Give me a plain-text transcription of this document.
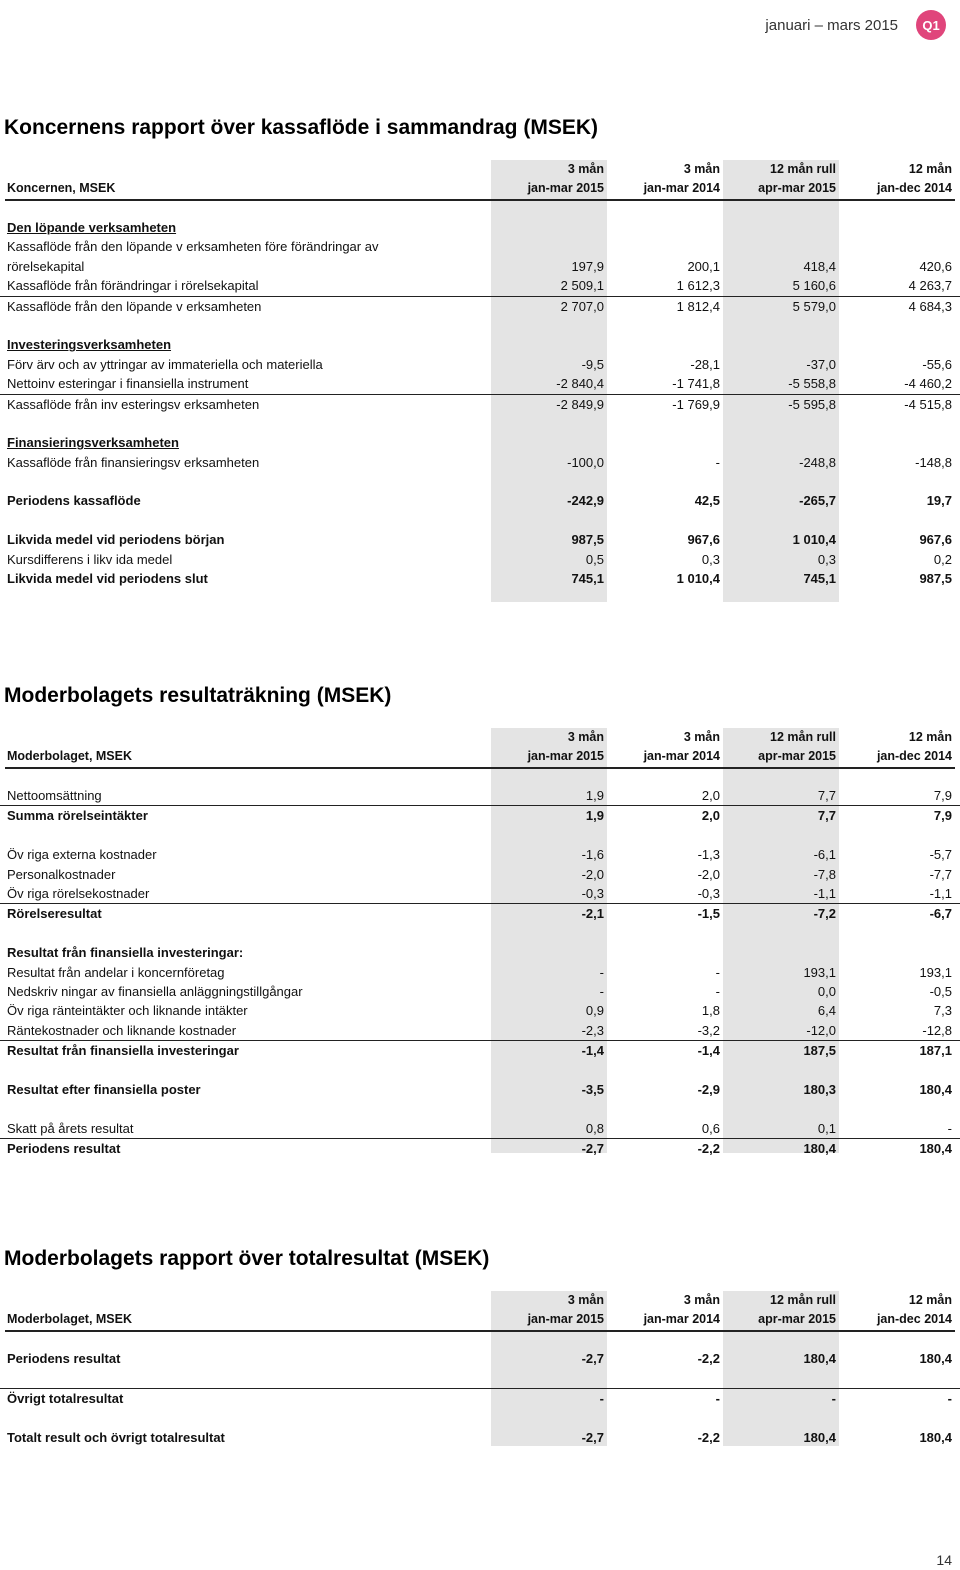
januari – mars 2015	Q1
Koncernens rapport över kassaflöde i sammandrag (MSEK)
3 mån	3 mån	12 mån rull	12 mån
Koncernen, MSEK	jan-mar 2015	jan-mar 2014	apr-mar 2015	jan-dec 2014
Den löpande verksamheten
Kassaflöde från den löpande v erksamheten före förändringar av
rörelsekapital	197,9	200,1	418,4	420,6
Kassaflöde från förändringar i rörelsekapital	2 509,1	1 612,3	5 160,6	4 263,7
Kassaflöde från den löpande v erksamheten	2 707,0	1 812,4	5 579,0	4 684,3
Investeringsverksamheten
Förv ärv och av yttringar av immateriella och materiella	-9,5	-28,1	-37,0	-55,6
Nettoinv esteringar i finansiella instrument	-2 840,4	-1 741,8	-5 558,8	-4 460,2
Kassaflöde från inv esteringsv erksamheten	-2 849,9	-1 769,9	-5 595,8	-4 515,8
Finansieringsverksamheten
Kassaflöde från finansieringsv erksamheten	-100,0	-	-248,8	-148,8
Periodens kassaflöde	-242,9	42,5	-265,7	19,7
Likvida medel vid periodens början	987,5	967,6	1 010,4	967,6
Kursdifferens i likv ida medel	0,5	0,3	0,3	0,2
Likvida medel vid periodens slut	745,1	1 010,4	745,1	987,5
Moderbolagets resultaträkning (MSEK)
3 mån	3 mån	12 mån rull	12 mån
Moderbolaget, MSEK	jan-mar 2015	jan-mar 2014	apr-mar 2015	jan-dec 2014
Nettoomsättning	1,9	2,0	7,7	7,9
Summa rörelseintäkter	1,9	2,0	7,7	7,9
Öv riga externa kostnader	-1,6	-1,3	-6,1	-5,7
Personalkostnader	-2,0	-2,0	-7,8	-7,7
Öv riga rörelsekostnader	-0,3	-0,3	-1,1	-1,1
Rörelseresultat	-2,1	-1,5	-7,2	-6,7
Resultat från finansiella investeringar:
Resultat från andelar i koncernföretag	-	-	193,1	193,1
Nedskriv ningar av finansiella anläggningstillgångar	-	-	0,0	-0,5
Öv riga ränteintäkter och liknande intäkter	0,9	1,8	6,4	7,3
Räntekostnader och liknande kostnader	-2,3	-3,2	-12,0	-12,8
Resultat från finansiella investeringar	-1,4	-1,4	187,5	187,1
Resultat efter finansiella poster	-3,5	-2,9	180,3	180,4
Skatt på årets resultat	0,8	0,6	0,1	-
Periodens resultat	-2,7	-2,2	180,4	180,4
Moderbolagets rapport över totalresultat (MSEK)
3 mån	3 mån	12 mån rull	12 mån
Moderbolaget, MSEK	jan-mar 2015	jan-mar 2014	apr-mar 2015	jan-dec 2014
Periodens resultat	-2,7	-2,2	180,4	180,4
Övrigt totalresultat	-	-	-	-
Totalt result och övrigt totalresultat	-2,7	-2,2	180,4	180,4
14
